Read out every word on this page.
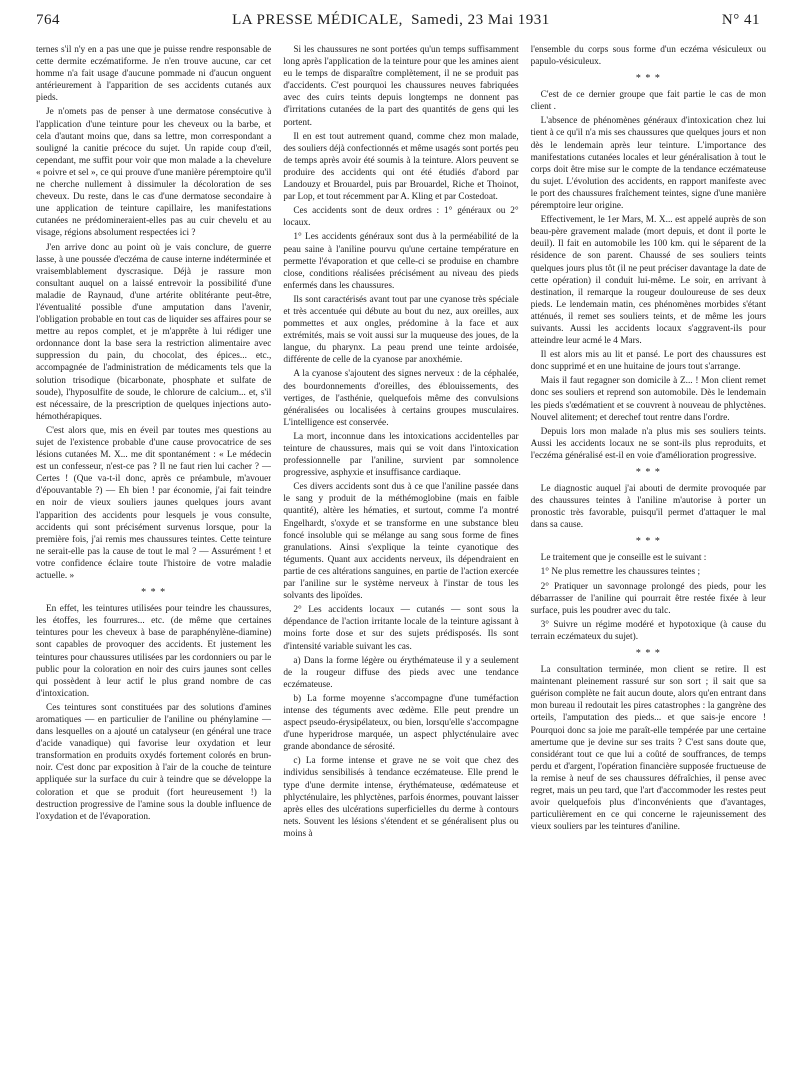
764	LA PRESSE MÉDICALE, Samedi, 23 Mai 1931	N° 41

ternes s'il n'y en a pas une que je puisse rendre responsable de cette dermite eczématiforme. Je n'en trouve aucune, car cet homme n'a fait usage d'aucune pommade ni d'aucun onguent antérieurement à l'apparition de ses accidents cutanés aux pieds.

Je n'omets pas de penser à une dermatose consécutive à l'application d'une teinture pour les cheveux ou la barbe, et cela d'autant moins que, dans sa lettre, mon correspondant a souligné la canitie précoce du sujet. Un rapide coup d'œil, cependant, me suffit pour voir que mon malade a la chevelure « poivre et sel », ce qui prouve d'une manière péremptoire qu'il ne cherche nullement à dissimuler la décoloration de ses cheveux. Du reste, dans le cas d'une dermatose secondaire à une application de teinture capillaire, les manifestations cutanées ne prédomineraient-elles pas au cuir chevelu et au visage, régions absolument respectées ici ?

J'en arrive donc au point où je vais conclure, de guerre lasse, à une poussée d'eczéma de cause interne indéterminée et vraisemblablement dyscrasique. Déjà je rassure mon consultant auquel on a laissé entrevoir la possibilité d'une maladie de Raynaud, d'une artérite oblitérante peut-être, l'éventualité possible d'une amputation dans l'avenir, l'obligation probable en tout cas de liquider ses affaires pour se mettre au repos complet, et je m'apprête à lui rédiger une ordonnance dont la base sera la restriction alimentaire avec suppression du pain, du chocolat, des épices... etc., accompagnée de l'administration de médicaments tels que la solution trisodique (bicarbonate, phosphate et sulfate de soude), l'hyposulfite de soude, le chlorure de calcium... et, s'il est nécessaire, de la prescription de quelques injections auto-hémothérapiques.

C'est alors que, mis en éveil par toutes mes questions au sujet de l'existence probable d'une cause provocatrice de ses lésions cutanées M. X... me dit spontanément : « Le médecin est un confesseur, n'est-ce pas ? Il ne faut rien lui cacher ? — Certes ! (Que va-t-il donc, après ce préambule, m'avouer d'épouvantable ?) — Eh bien ! par économie, j'ai fait teindre en noir de vieux souliers jaunes quelques jours avant l'apparition des accidents pour lesquels je vous consulte, accidents qui sont précisément survenus lorsque, pour la première fois, j'ai remis mes chaussures teintes. Cette teinture ne serait-elle pas la cause de tout le mal ? — Assurément ! et votre confidence éclaire toute l'histoire de votre maladie actuelle. »

* * *

En effet, les teintures utilisées pour teindre les chaussures, les étoffes, les fourrures... etc. (de même que certaines teintures pour les cheveux à base de paraphénylène-diamine) sont capables de provoquer des accidents. Et justement les teintures pour chaussures utilisées par les cordonniers ou par le public pour la coloration en noir des cuirs jaunes sont celles qui possèdent à leur actif le plus grand nombre de cas d'intoxication.

Ces teintures sont constituées par des solutions d'amines aromatiques — en particulier de l'aniline ou phénylamine — dans lesquelles on a ajouté un catalyseur (en général une trace d'acide vanadique) qui favorise leur oxydation et leur transformation en produits oxydés fortement colorés en brun-noir. C'est donc par exposition à l'air de la couche de teinture appliquée sur la surface du cuir à teindre que se développe la coloration et que se produit (fort heureusement !) la destruction progressive de l'amine sous la double influence de l'oxydation et de l'évaporation.

Si les chaussures ne sont portées qu'un temps suffisamment long après l'application de la teinture pour que les amines aient eu le temps de disparaître complètement, il ne se produit pas d'accidents. C'est pourquoi les chaussures neuves fabriquées avec des cuirs teints depuis longtemps ne donnent pas d'irritations cutanées de la part des quantités de gens qui les portent.

Il en est tout autrement quand, comme chez mon malade, des souliers déjà confectionnés et même usagés sont portés peu de temps après avoir été soumis à la teinture. Alors peuvent se produire des accidents qui ont été étudiés d'abord par Landouzy et Brouardel, puis par Brouardel, Riche et Thoinot, par Lop, et tout récemment par A. Kling et par Costedoat.

Ces accidents sont de deux ordres : 1° généraux ou 2° locaux.

1° Les accidents généraux sont dus à la perméabilité de la peau saine à l'aniline pourvu qu'une certaine température en permette l'évaporation et que celle-ci se produise en chambre close, conditions réalisées précisément au niveau des pieds enfermés dans les chaussures.

Ils sont caractérisés avant tout par une cyanose très spéciale et très accentuée qui débute au bout du nez, aux oreilles, aux pommettes et aux ongles, prédomine à la face et aux extrémités, mais se voit aussi sur la muqueuse des joues, de la langue, du pharynx. La peau prend une teinte ardoisée, différente de celle de la cyanose par anoxhémie.

A la cyanose s'ajoutent des signes nerveux : de la céphalée, des bourdonnements d'oreilles, des éblouissements, des vertiges, de l'asthénie, quelquefois même des convulsions généralisées ou localisées à certains groupes musculaires. L'intelligence est conservée.

La mort, inconnue dans les intoxications accidentelles par teinture de chaussures, mais qui se voit dans l'intoxication professionnelle par l'aniline, survient par somnolence progressive, asphyxie et insuffisance cardiaque.

Ces divers accidents sont dus à ce que l'aniline passée dans le sang y produit de la méthémoglobine (mais en faible quantité), altère les hématies, et surtout, comme l'a montré Engelhardt, s'oxyde et se transforme en une substance bleu foncé insoluble qui se mélange au sang sous forme de fines granulations. Ainsi s'explique la teinte cyanotique des téguments. Quant aux accidents nerveux, ils dépendraient en partie de ces altérations sanguines, en partie de l'action exercée par l'aniline sur le système nerveux à l'instar de tous les solvants des lipoïdes.

2° Les accidents locaux — cutanés — sont sous la dépendance de l'action irritante locale de la teinture agissant à moins forte dose et sur des sujets prédisposés. Ils sont d'intensité variable suivant les cas.

a) Dans la forme légère ou érythémateuse il y a seulement de la rougeur diffuse des pieds avec une tendance eczémateuse.

b) La forme moyenne s'accompagne d'une tuméfaction intense des téguments avec œdème. Elle peut prendre un aspect pseudo-érysipélateux, ou bien, lorsqu'elle s'accompagne d'une hyperidrose marquée, un aspect phlycténulaire avec grande abondance de sérosité.

c) La forme intense et grave ne se voit que chez des individus sensibilisés à tendance eczémateuse. Elle prend le type d'une dermite intense, érythémateuse, œdémateuse et phlycténulaire, les phlyctènes, parfois énormes, pouvant laisser après elles des ulcérations superficielles du derme à contours nets. Souvent les lésions s'étendent et se généralisent plus ou moins à

l'ensemble du corps sous forme d'un eczéma vésiculeux ou papulo-vésiculeux.

* * *

C'est de ce dernier groupe que fait partie le cas de mon client .

L'absence de phénomènes généraux d'intoxication chez lui tient à ce qu'il n'a mis ses chaussures que quelques jours et non dès le lendemain après leur teinture. L'importance des manifestations cutanées locales et leur généralisation à tout le corps doit être mise sur le compte de la tendance eczémateuse du sujet. L'évolution des accidents, en rapport manifeste avec le port des chaussures fraîchement teintes, signe d'une manière péremptoire leur origine.

Effectivement, le 1er Mars, M. X... est appelé auprès de son beau-père gravement malade (mort depuis, et dont il porte le deuil). Il fait en automobile les 100 km. qui le séparent de la résidence de son parent. Chaussé de ses souliers teints quelques jours plus tôt (il ne peut préciser davantage la date de cette opération) il conduit lui-même. Le soir, en arrivant à destination, il remarque la rougeur douloureuse de ses deux pieds. Le lendemain matin, ces phénomènes morbides s'étant atténués, il remet ses souliers teints, et de même les jours suivants. Aussi les accidents locaux s'aggravent-ils pour atteindre leur acmé le 4 Mars.

Il est alors mis au lit et pansé. Le port des chaussures est donc supprimé et en une huitaine de jours tout s'arrange.

Mais il faut regagner son domicile à Z... ! Mon client remet donc ses souliers et reprend son automobile. Dès le lendemain les pieds s'œdématient et se couvrent à nouveau de phlyctènes. Nouvel alitement; et derechef tout rentre dans l'ordre.

Depuis lors mon malade n'a plus mis ses souliers teints. Aussi les accidents locaux ne se sont-ils plus reproduits, et l'eczéma généralisé est-il en voie d'amélioration progressive.

* * *

Le diagnostic auquel j'ai abouti de dermite provoquée par des chaussures teintes à l'aniline m'autorise à porter un pronostic très favorable, puisqu'il permet d'attaquer le mal dans sa cause.

* * *

Le traitement que je conseille est le suivant :

1° Ne plus remettre les chaussures teintes ;

2° Pratiquer un savonnage prolongé des pieds, pour les débarrasser de l'aniline qui pourrait être restée fixée à leur surface, puis les poudrer avec du talc.

3° Suivre un régime modéré et hypotoxique (à cause du terrain eczémateux du sujet).

* * *

La consultation terminée, mon client se retire. Il est maintenant pleinement rassuré sur son sort ; il sait que sa guérison complète ne fait aucun doute, alors qu'en entrant dans mon bureau il redoutait les pires catastrophes : la gangrène des orteils, l'amputation des pieds... et que sais-je encore ! Pourquoi donc sa joie me paraît-elle tempérée par une certaine amertume que je devine sur ses traits ? C'est sans doute que, considérant tout ce que lui a coûté de souffrances, de temps perdu et d'argent, l'opération financière supposée fructueuse de la remise à neuf de ses chaussures défraîchies, il pense avec regret, mais un peu tard, que l'art d'accommoder les restes peut avoir quelquefois plus d'inconvénients que d'avantages, particulièrement en ce qui concerne le rajeunissement des vieux souliers par les teintures d'aniline.
